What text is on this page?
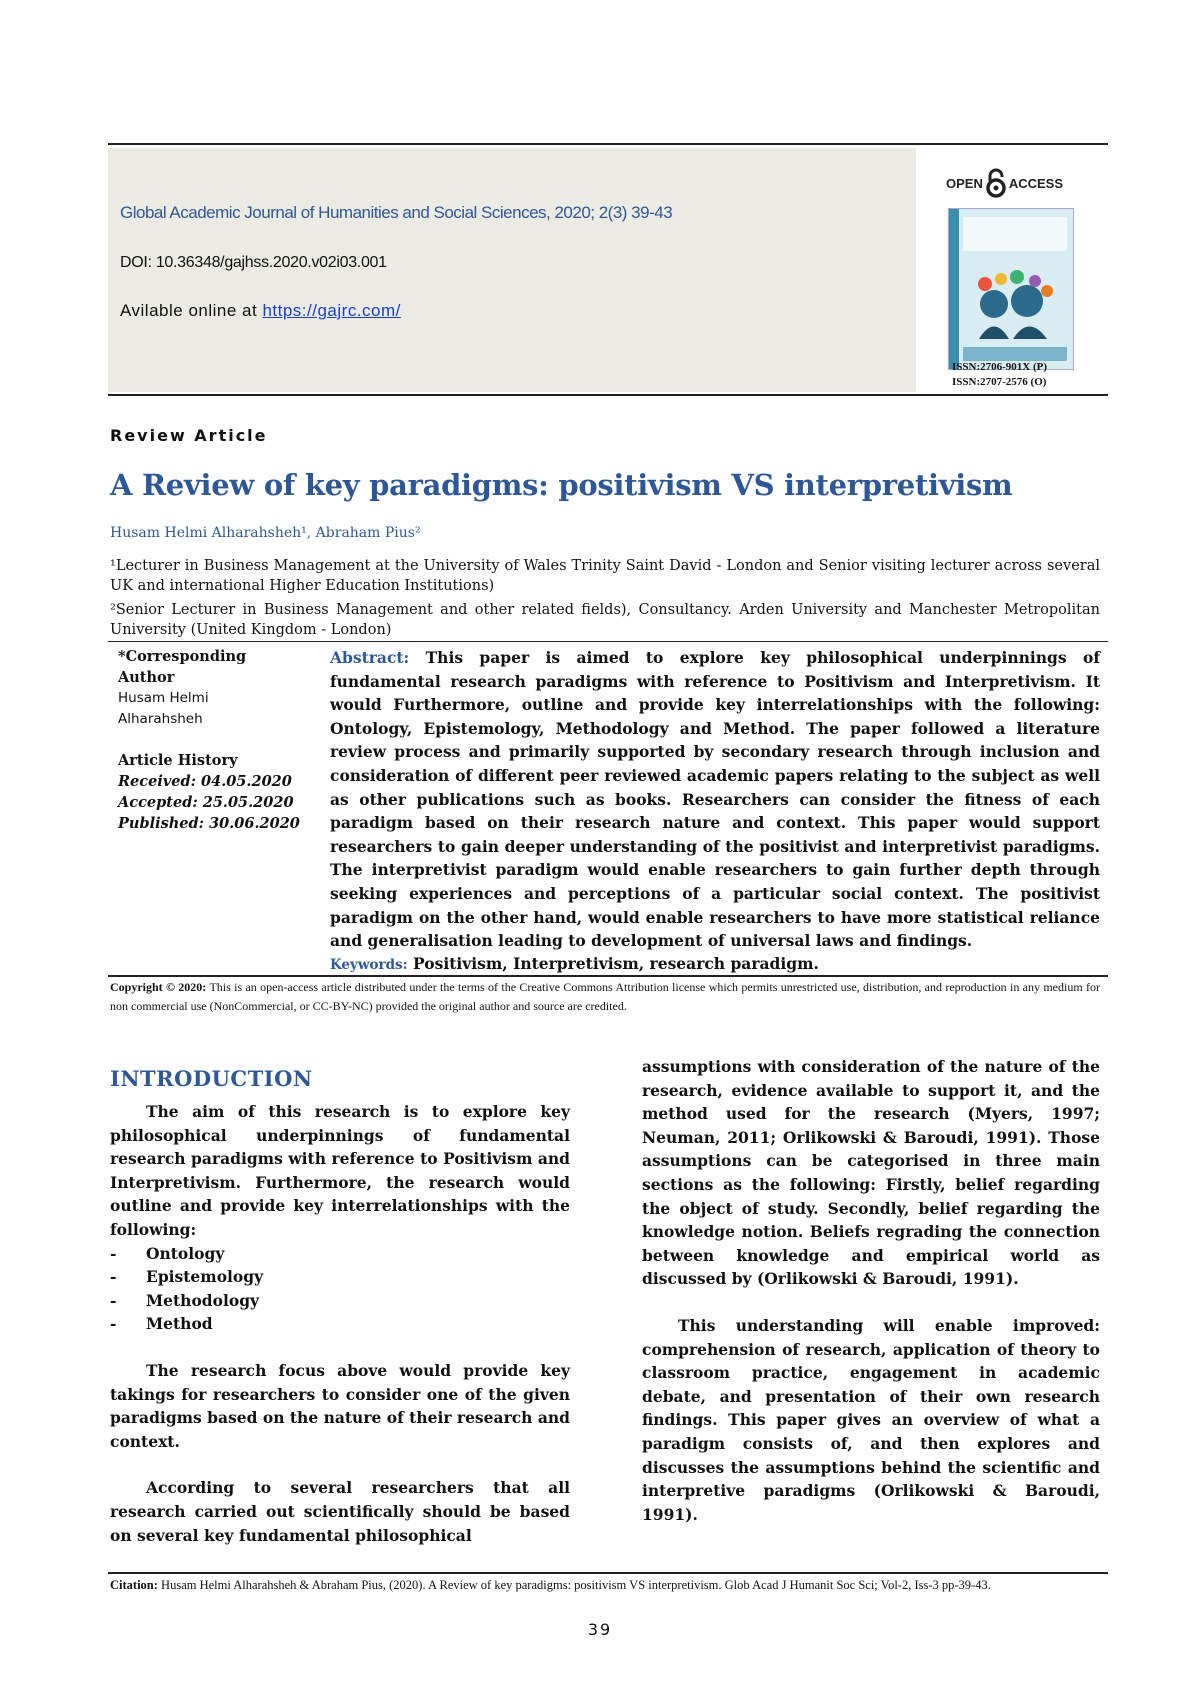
Global Academic Journal of Humanities and Social Sciences, 2020; 2(3) 39-43
DOI: 10.36348/gajhss.2020.v02i03.001
Avilable online at https://gajrc.com/
OPEN ACCESS
ISSN:2706-901X (P)
ISSN:2707-2576 (O)
Review Article
A Review of key paradigms: positivism VS interpretivism
Husam Helmi Alharahsheh¹, Abraham Pius²
¹Lecturer in Business Management at the University of Wales Trinity Saint David - London and Senior visiting lecturer across several UK and international Higher Education Institutions)
²Senior Lecturer in Business Management and other related fields), Consultancy. Arden University and Manchester Metropolitan University (United Kingdom - London)
*Corresponding
Author
Husam Helmi
Alharahsheh
Article History
Received: 04.05.2020
Accepted: 25.05.2020
Published: 30.06.2020
Abstract: This paper is aimed to explore key philosophical underpinnings of fundamental research paradigms with reference to Positivism and Interpretivism. It would Furthermore, outline and provide key interrelationships with the following: Ontology, Epistemology, Methodology and Method. The paper followed a literature review process and primarily supported by secondary research through inclusion and consideration of different peer reviewed academic papers relating to the subject as well as other publications such as books. Researchers can consider the fitness of each paradigm based on their research nature and context. This paper would support researchers to gain deeper understanding of the positivist and interpretivist paradigms. The interpretivist paradigm would enable researchers to gain further depth through seeking experiences and perceptions of a particular social context. The positivist paradigm on the other hand, would enable researchers to have more statistical reliance and generalisation leading to development of universal laws and findings.
Keywords: Positivism, Interpretivism, research paradigm.
Copyright © 2020: This is an open-access article distributed under the terms of the Creative Commons Attribution license which permits unrestricted use, distribution, and reproduction in any medium for non commercial use (NonCommercial, or CC-BY-NC) provided the original author and source are credited.
INTRODUCTION

The aim of this research is to explore key philosophical underpinnings of fundamental research paradigms with reference to Positivism and Interpretivism. Furthermore, the research would outline and provide key interrelationships with the following:

-	Ontology
-	Epistemology
-	Methodology
-	Method

The research focus above would provide key takings for researchers to consider one of the given paradigms based on the nature of their research and context.

According to several researchers that all research carried out scientifically should be based on several key fundamental philosophical

assumptions with consideration of the nature of the research, evidence available to support it, and the method used for the research (Myers, 1997; Neuman, 2011; Orlikowski & Baroudi, 1991). Those assumptions can be categorised in three main sections as the following: Firstly, belief regarding the object of study. Secondly, belief regarding the knowledge notion. Beliefs regrading the connection between knowledge and empirical world as discussed by (Orlikowski & Baroudi, 1991).

This understanding will enable improved: comprehension of research, application of theory to classroom practice, engagement in academic debate, and presentation of their own research findings. This paper gives an overview of what a paradigm consists of, and then explores and discusses the assumptions behind the scientific and interpretive paradigms (Orlikowski & Baroudi, 1991).

Citation: Husam Helmi Alharahsheh & Abraham Pius, (2020). A Review of key paradigms: positivism VS interpretivism. Glob Acad J Humanit Soc Sci; Vol-2, Iss-3 pp-39-43.
39
